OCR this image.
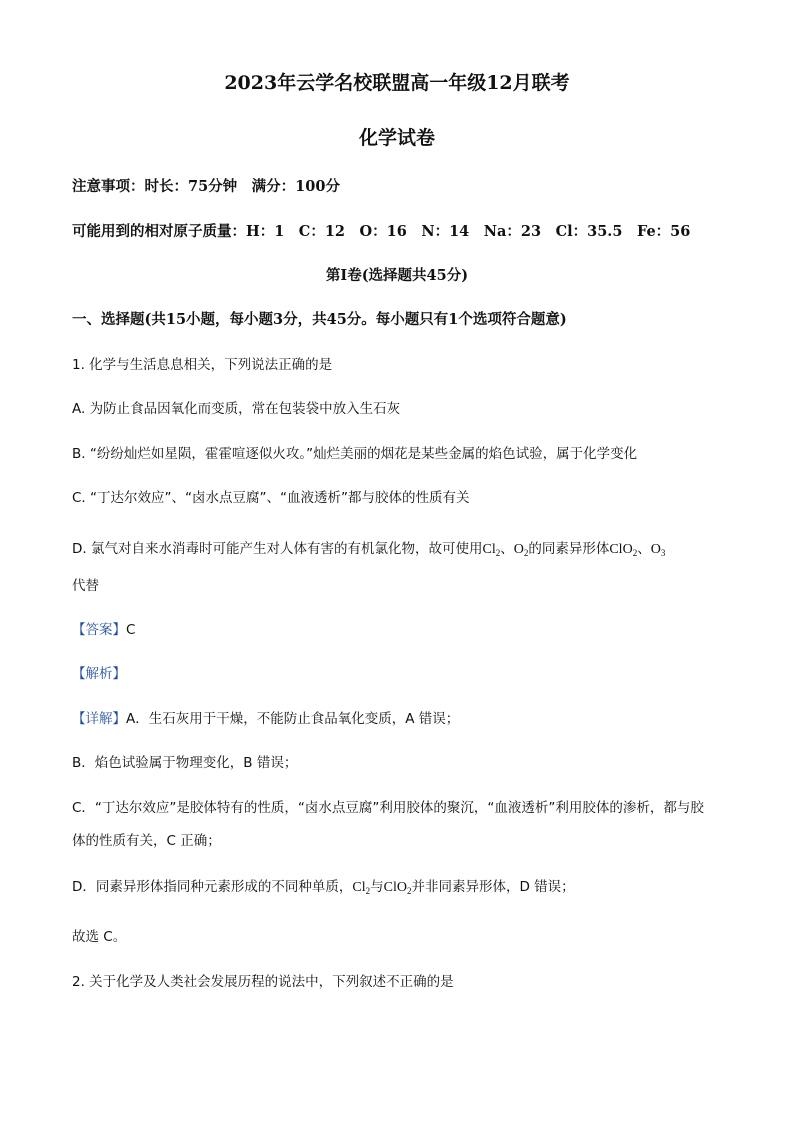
2023年云学名校联盟高一年级12月联考
化学试卷
注意事项：时长：75分钟　满分：100分
可能用到的相对原子质量：H：1　C：12　O：16　N：14　Na：23　Cl：35.5　Fe：56
第Ⅰ卷(选择题共45分)
一、选择题(共15小题，每小题3分，共45分。每小题只有1个选项符合题意)
1. 化学与生活息息相关，下列说法正确的是
A. 为防止食品因氧化而变质，常在包装袋中放入生石灰
B. “纷纷灿烂如星陨，霍霍喧逐似火攻。”灿烂美丽的烟花是某些金属的焰色试验，属于化学变化
C. “丁达尔效应”、“卤水点豆腐”、“血液透析”都与胶体的性质有关
D. 氯气对自来水消毒时可能产生对人体有害的有机氯化物，故可使用$Cl_2$、$O_2$的同素异形体ClO$_2$、$O_3$
代替
【答案】C
【解析】
【详解】A．生石灰用于干燥，不能防止食品氧化变质，A 错误；
B．焰色试验属于物理变化，B 错误；
C．“丁达尔效应”是胶体特有的性质，“卤水点豆腐”利用胶体的聚沉，“血液透析”利用胶体的渗析，都与胶
体的性质有关，C 正确；
D．同素异形体指同种元素形成的不同种单质，$Cl_2$与ClO$_2$并非同素异形体，D 错误；
故选 C。
2. 关于化学及人类社会发展历程的说法中，下列叙述不正确的是
